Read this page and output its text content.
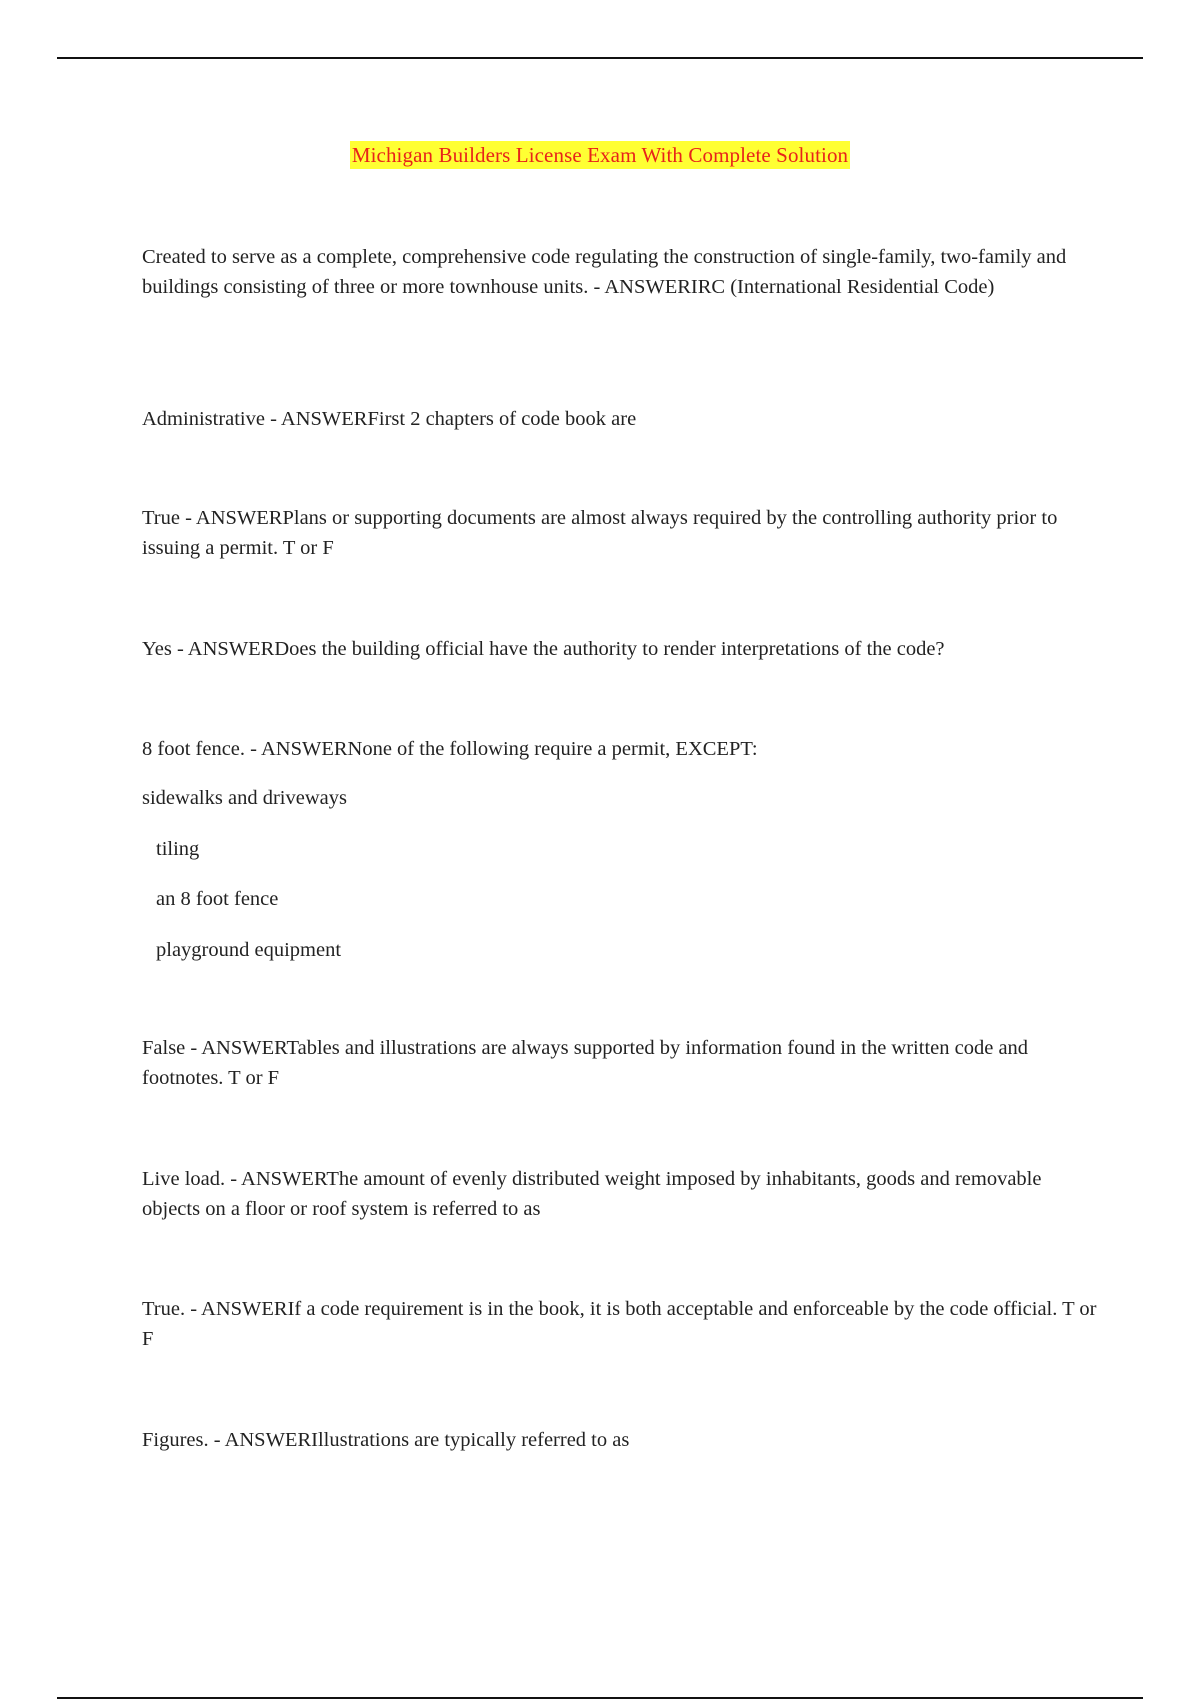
Michigan Builders License Exam With Complete Solution

Created to serve as a complete, comprehensive code regulating the construction of single-family, two-family and buildings consisting of three or more townhouse units. - ANSWERIRC (International Residential Code)

Administrative - ANSWERFirst 2 chapters of code book are

True - ANSWERPlans or supporting documents are almost always required by the controlling authority prior to issuing a permit. T or F

Yes - ANSWERDoes the building official have the authority to render interpretations of the code?

8 foot fence. - ANSWERNone of the following require a permit, EXCEPT:

sidewalks and driveways

tiling

an 8 foot fence

playground equipment

False - ANSWERTables and illustrations are always supported by information found in the written code and footnotes. T or F

Live load. - ANSWERThe amount of evenly distributed weight imposed by inhabitants, goods and removable objects on a floor or roof system is referred to as

True. - ANSWERIf a code requirement is in the book, it is both acceptable and enforceable by the code official. T or F

Figures. - ANSWERIllustrations are typically referred to as
